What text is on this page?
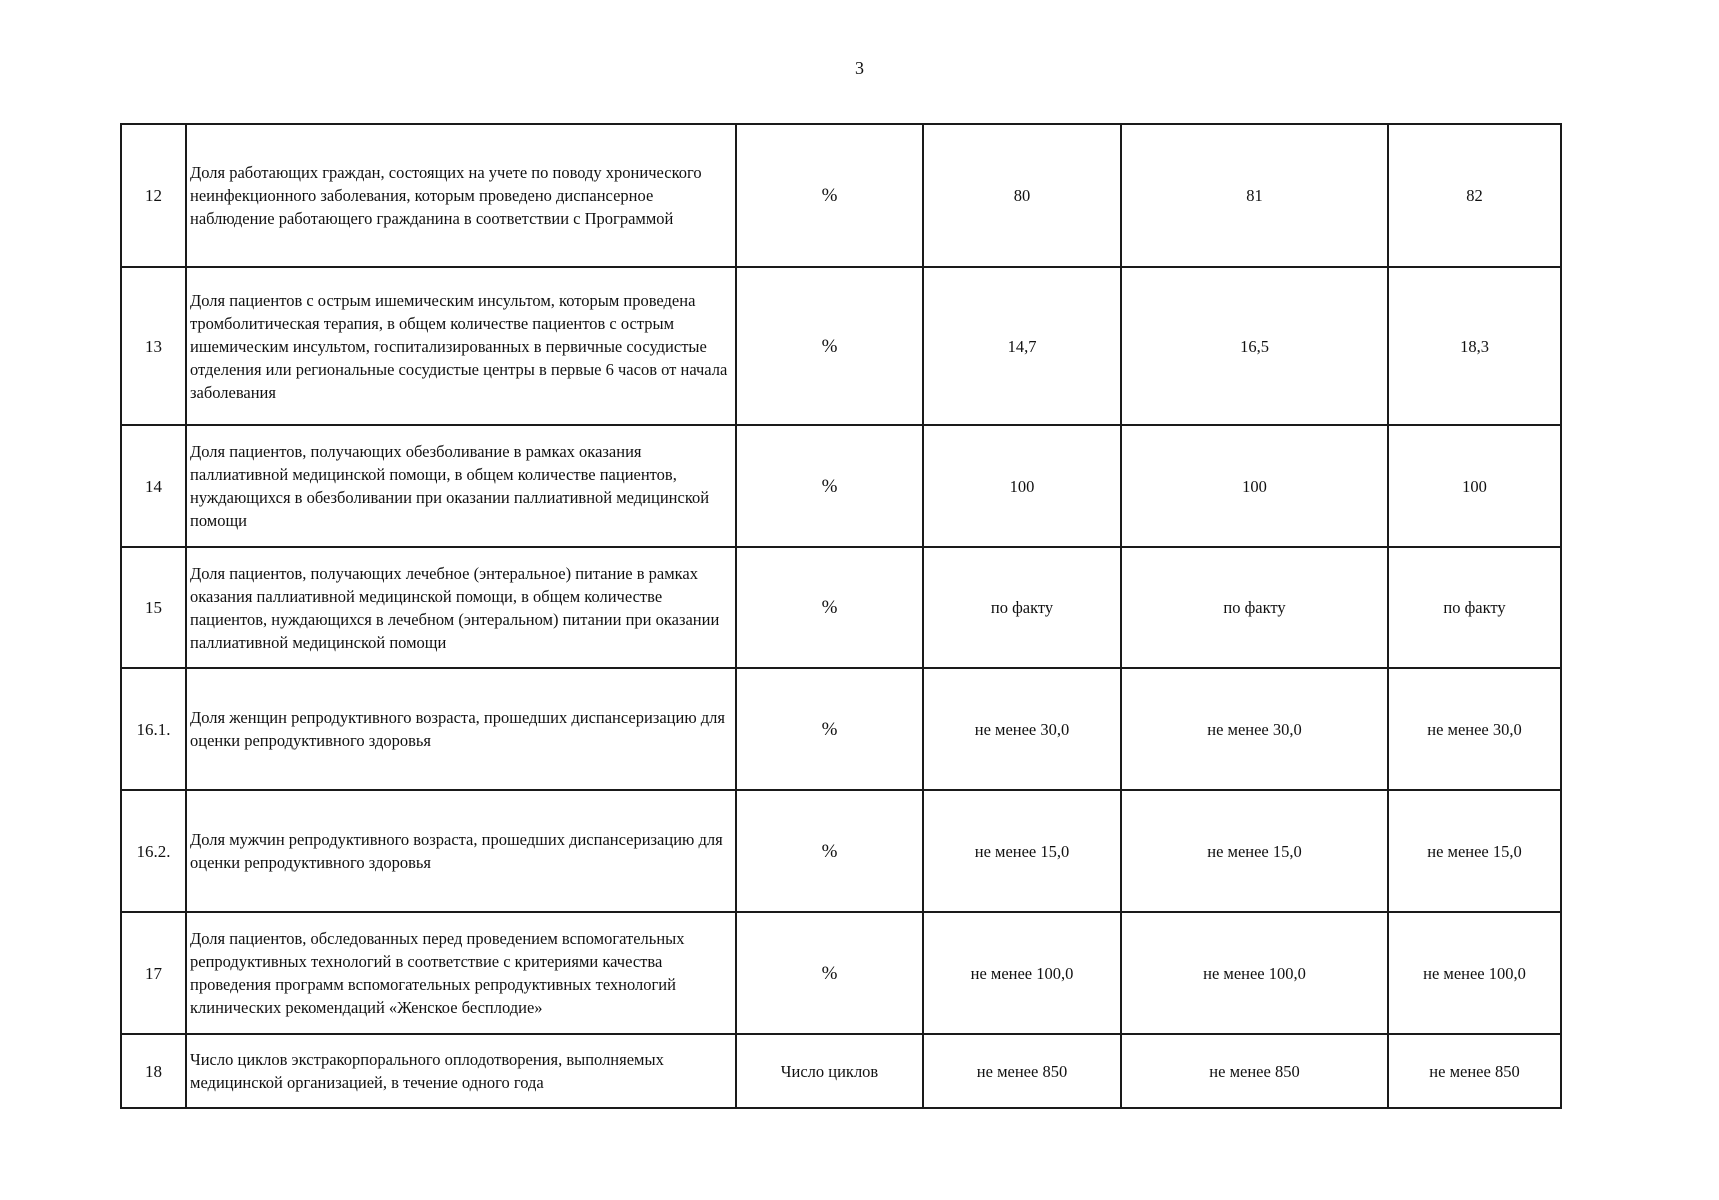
3
12	Доля работающих граждан, состоящих на учете по поводу хронического неинфекционного заболевания, которым проведено диспансерное наблюдение работающего гражданина в соответствии с Программой	%	80	81	82
13	Доля пациентов с острым ишемическим инсультом, которым проведена тромболитическая терапия, в общем количестве пациентов с острым ишемическим инсультом, госпитализированных в первичные сосудистые отделения или региональные сосудистые центры в первые 6 часов от начала заболевания	%	14,7	16,5	18,3
14	Доля пациентов, получающих обезболивание в рамках оказания паллиативной медицинской помощи, в общем количестве пациентов, нуждающихся в обезболивании при оказании паллиативной медицинской помощи	%	100	100	100
15	Доля пациентов, получающих лечебное (энтеральное) питание в рамках оказания паллиативной медицинской помощи, в общем количестве пациентов, нуждающихся в лечебном (энтеральном) питании при оказании паллиативной медицинской помощи	%	по факту	по факту	по факту
16.1.	Доля женщин репродуктивного возраста, прошедших диспансеризацию для оценки репродуктивного здоровья	%	не менее 30,0	не менее 30,0	не менее 30,0
16.2.	Доля мужчин репродуктивного возраста, прошедших диспансеризацию для оценки репродуктивного здоровья	%	не менее 15,0	не менее 15,0	не менее 15,0
17	Доля пациентов, обследованных перед проведением вспомогательных репродуктивных технологий в соответствие с критериями качества проведения программ вспомогательных репродуктивных технологий клинических рекомендаций «Женское бесплодие»	%	не менее 100,0	не менее 100,0	не менее 100,0
18	Число циклов экстракорпорального оплодотворения, выполняемых медицинской организацией, в течение одного года	Число циклов	не менее 850	не менее 850	не менее 850
